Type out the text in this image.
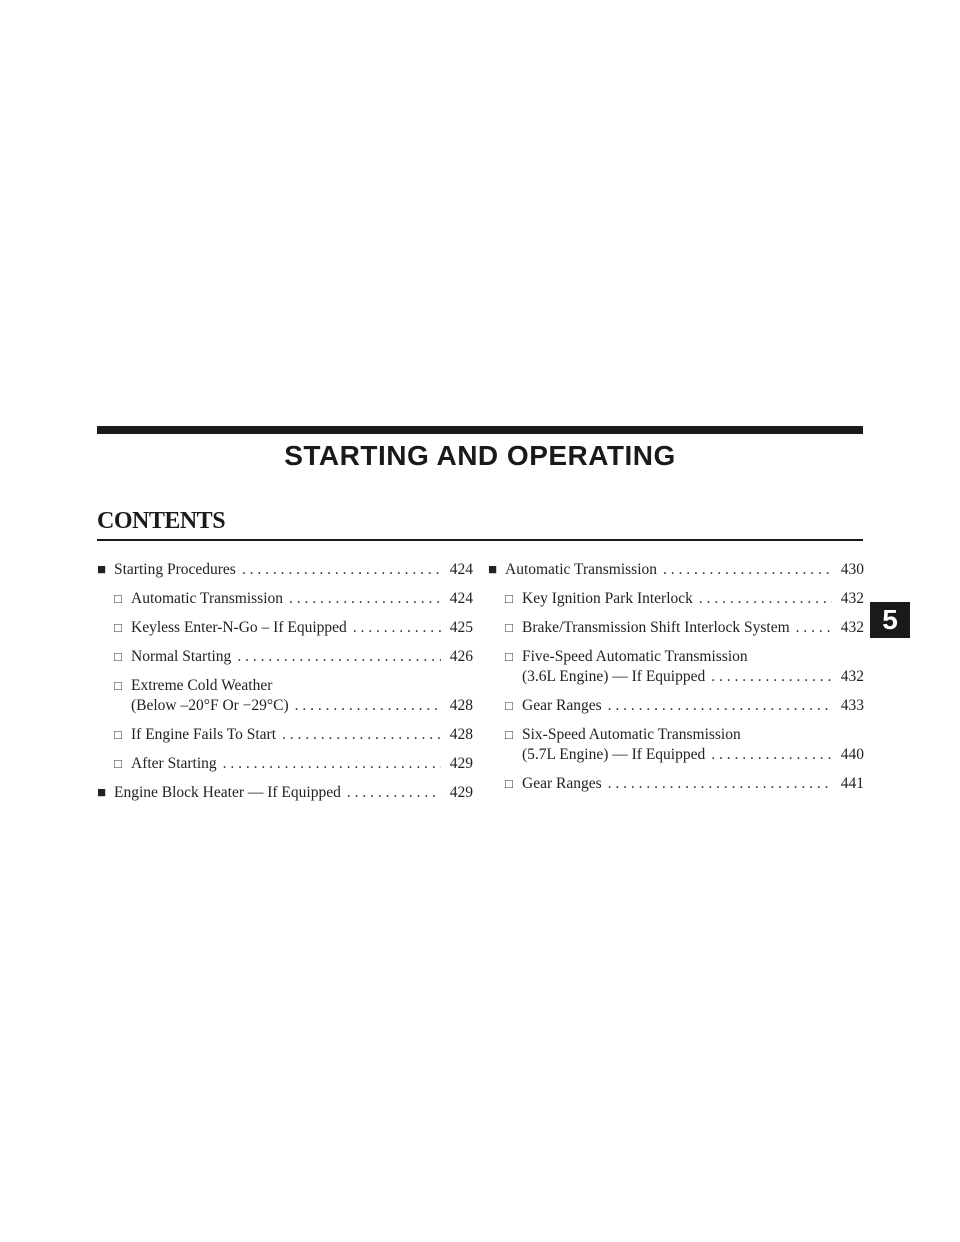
STARTING AND OPERATING
CONTENTS
■ Starting Procedures . . .	424
□ Automatic Transmission . . .	424
□ Keyless Enter-N-Go – If Equipped . . .	425
□ Normal Starting . . .	426
□ Extreme Cold Weather
(Below –20°F Or −29°C) . . .	428
□ If Engine Fails To Start . . .	428
□ After Starting . . .	429
■ Engine Block Heater — If Equipped . . .	429
■ Automatic Transmission . . .	430
□ Key Ignition Park Interlock . . .	432
□ Brake/Transmission Shift Interlock System . . .	432
□ Five-Speed Automatic Transmission
(3.6L Engine) — If Equipped . . .	432
□ Gear Ranges . . .	433
□ Six-Speed Automatic Transmission
(5.7L Engine) — If Equipped . . .	440
□ Gear Ranges . . .	441
5
